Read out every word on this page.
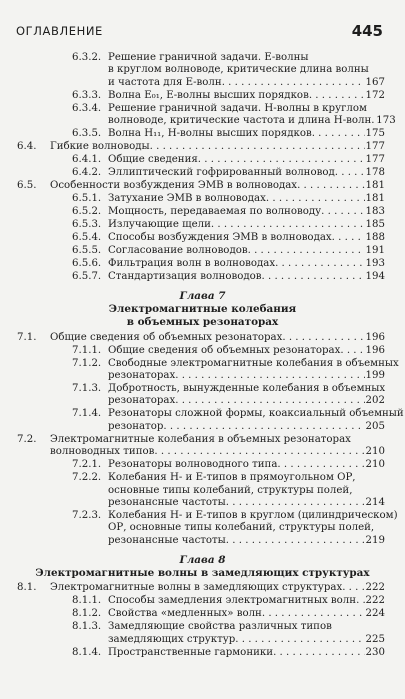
ОГЛАВЛЕНИЕ	445
6.3.2. Решение граничной задачи. Е-волны
в круглом волноводе, критические длина волны
и частота для Е-волн . . .	167
6.3.3. Волна E₀₁, Е-волны высших порядков . . .	172
6.3.4. Решение граничной задачи. Н-волны в круглом
волноводе, критические частота и длина Н-волн . . . 173
6.3.5. Волна H₁₁, Н-волны высших порядков . . .	175
6.4. Гибкие волноводы . . .	177
6.4.1. Общие сведения . . .	177
6.4.2. Эллиптический гофрированный волновод . . .	178
6.5. Особенности возбуждения ЭМВ в волноводах . . .	181
6.5.1. Затухание ЭМВ в волноводах . . .	181
6.5.2. Мощность, передаваемая по волноводу . . .	183
6.5.3. Излучающие щели . . .	185
6.5.4. Способы возбуждения ЭМВ в волноводах . . .	188
6.5.5. Согласование волноводов . . .	191
6.5.6. Фильтрация волн в волноводах . . .	193
6.5.7. Стандартизация волноводов . . .	194
Глава 7
Электромагнитные колебания
в объемных резонаторах
7.1. Общие сведения об объемных резонаторах . . .	196
7.1.1. Общие сведения об объемных резонаторах . . . 196
7.1.2. Свободные электромагнитные колебания в объемных
резонаторах . . .	199
7.1.3. Добротность, вынужденные колебания в объемных
резонаторах . . .	202
7.1.4. Резонаторы сложной формы, коаксиальный объемный
резонатор . . .	205
7.2. Электромагнитные колебания в объемных резонаторах
волноводных типов . . .	210
7.2.1. Резонаторы волноводного типа . . .	210
7.2.2. Колебания Н- и Е-типов в прямоугольном ОР,
основные типы колебаний, структуры полей,
резонансные частоты . . .	214
7.2.3. Колебания Н- и Е-типов в круглом (цилиндрическом)
ОР, основные типы колебаний, структуры полей,
резонансные частоты . . .	219
Глава 8
Электромагнитные волны в замедляющих структурах
8.1. Электромагнитные волны в замедляющих структурах . . . 222
8.1.1. Способы замедления электромагнитных волн . . . 222
8.1.2. Свойства «медленных» волн . . .	224
8.1.3. Замедляющие свойства различных типов
замедляющих структур . . .	225
8.1.4. Пространственные гармоники . . .	230
